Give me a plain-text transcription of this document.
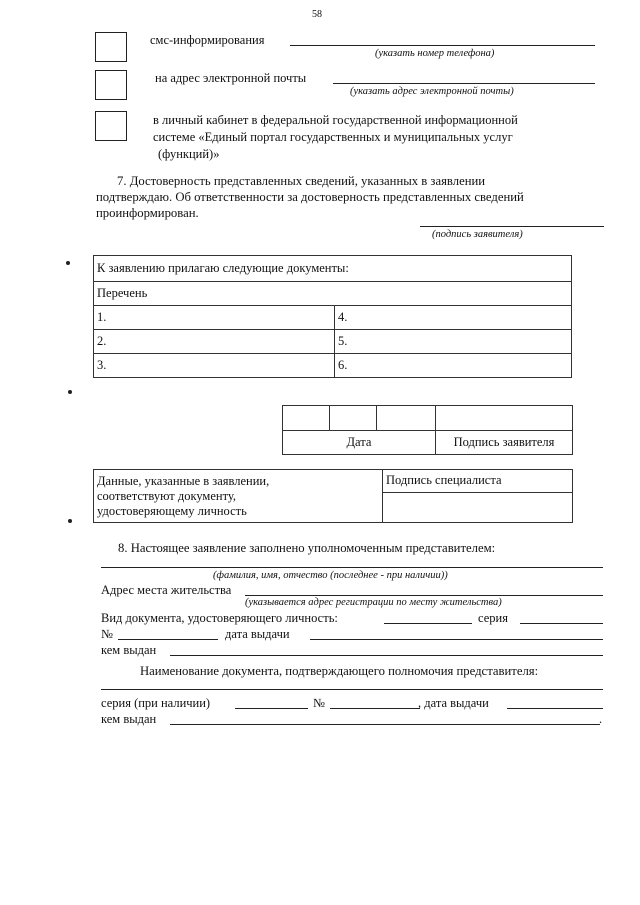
58
смс-информирования
(указать номер телефона)
на адрес электронной почты
(указать адрес электронной почты)
в личный кабинет в федеральной государственной информационной
системе «Единый портал государственных и муниципальных услуг
(функций)»
7. Достоверность представленных сведений, указанных в заявлении
подтверждаю. Об ответственности за достоверность представленных сведений
проинформирован.
(подпись заявителя)
К заявлению прилагаю следующие документы:	
Перечень	
1.	4.
2.	5.
3.	6.

Дата			Подпись заявителя
Данные, указанные в заявлении,
соответствуют документу,
удостоверяющему личность
	Подпись специалиста

8. Настоящее заявление заполнено уполномоченным представителем:
(фамилия, имя, отчество (последнее - при наличии))
Адрес места жительства
(указывается адрес регистрации по месту жительства)
Вид документа, удостоверяющего личность:	серия
№	дата выдачи
кем выдан
Наименование документа, подтверждающего полномочия представителя:
серия (при наличии)	№	, дата выдачи
кем выдан	.
